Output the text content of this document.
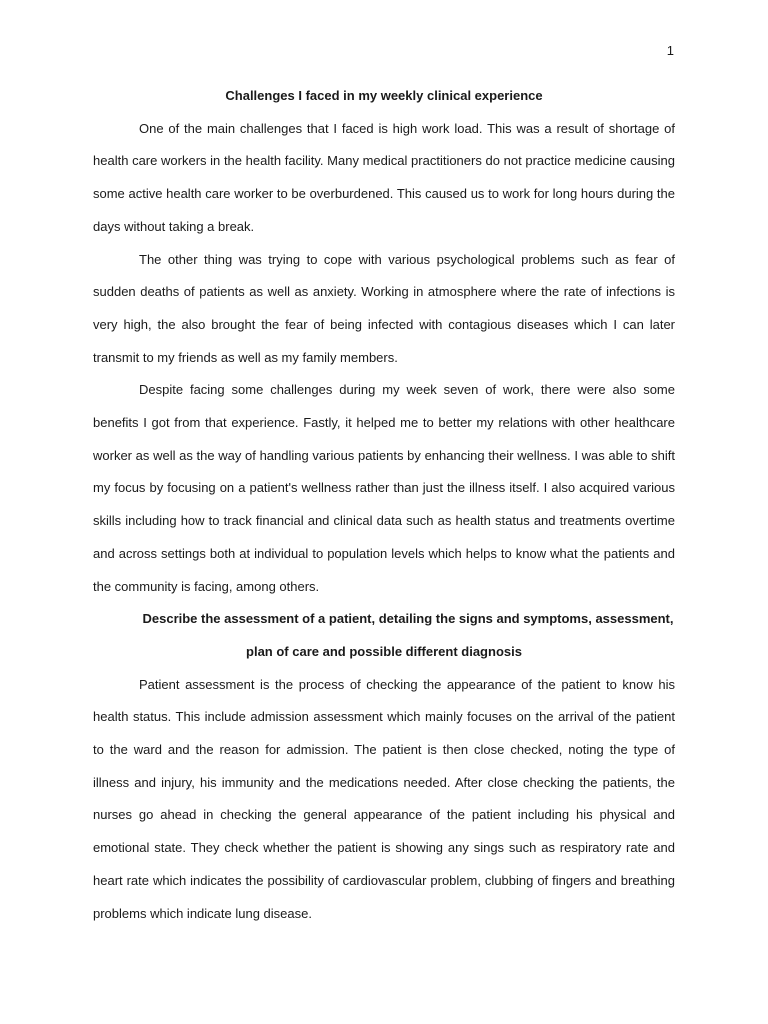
1

Challenges I faced in my weekly clinical experience

One of the main challenges that I faced is high work load. This was a result of shortage of health care workers in the health facility. Many medical practitioners do not practice medicine causing some active health care worker to be overburdened. This caused us to work for long hours during the days without taking a break.

The other thing was trying to cope with various psychological problems such as fear of sudden deaths of patients as well as anxiety. Working in atmosphere where the rate of infections is very high, the also brought the fear of being infected with contagious diseases which I can later transmit to my friends as well as my family members.

Despite facing some challenges during my week seven of work, there were also some benefits I got from that experience. Fastly, it helped me to better my relations with other healthcare worker as well as the way of handling various patients by enhancing their wellness. I was able to shift my focus by focusing on a patient's wellness rather than just the illness itself. I also acquired various skills including how to track financial and clinical data such as health status and treatments overtime and across settings both at individual to population levels which helps to know what the patients and the community is facing, among others.

Describe the assessment of a patient, detailing the signs and symptoms, assessment, plan of care and possible different diagnosis

Patient assessment is the process of checking the appearance of the patient to know his health status. This include admission assessment which mainly focuses on the arrival of the patient to the ward and the reason for admission. The patient is then close checked, noting the type of illness and injury, his immunity and the medications needed. After close checking the patients, the nurses go ahead in checking the general appearance of the patient including his physical and emotional state. They check whether the patient is showing any sings such as respiratory rate and heart rate which indicates the possibility of cardiovascular problem, clubbing of fingers and breathing problems which indicate lung disease.
